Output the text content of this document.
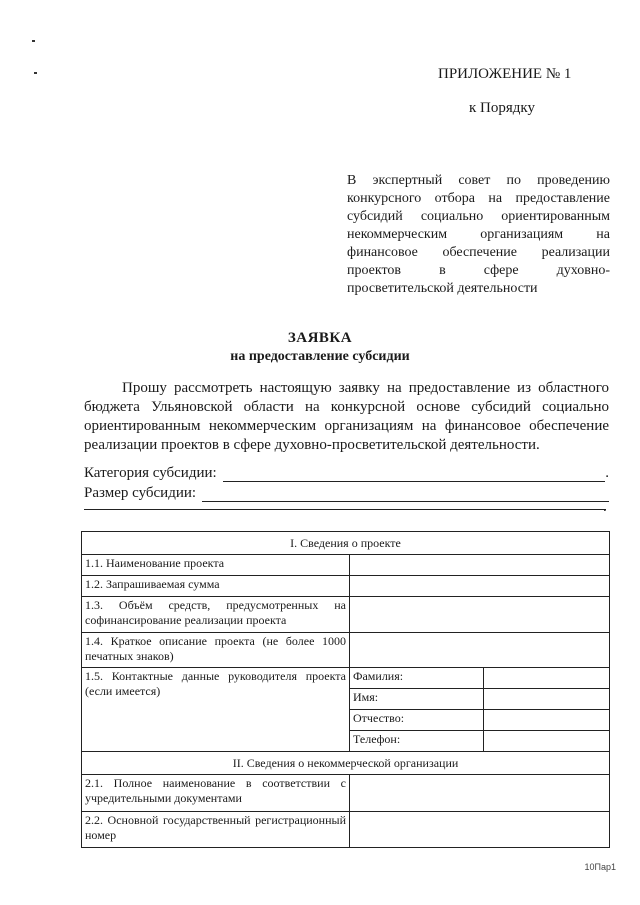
ПРИЛОЖЕНИЕ № 1
к Порядку
В экспертный совет по проведению конкурсного отбора на предоставление субсидий социально ориентированным некоммерческим организациям на финансовое обеспечение реализации проектов в сфере духовно-просветительской деятельности
ЗАЯВКА
на предоставление субсидии
Прошу рассмотреть настоящую заявку на предоставление из областного бюджета Ульяновской области на конкурсной основе субсидий социально ориентированным некоммерческим организациям на финансовое обеспечение реализации проектов в сфере духовно-просветительской деятельности.
Категория субсидии:	.
Размер субсидии:
.
I. Сведения о проекте		
1.1. Наименование проекта		
1.2. Запрашиваемая сумма		
1.3. Объём средств, предусмотренных на софинансирование реализации проекта		
1.4. Краткое описание проекта (не более 1000 печатных знаков)		
1.5. Контактные данные руководителя проекта (если имеется)	Фамилия:	
	Имя:	
	Отчество:	
	Телефон:	
II. Сведения о некоммерческой организации		
2.1. Полное наименование в соответствии с учредительными документами		
2.2. Основной государственный регистрационный номер		
10Пар1
